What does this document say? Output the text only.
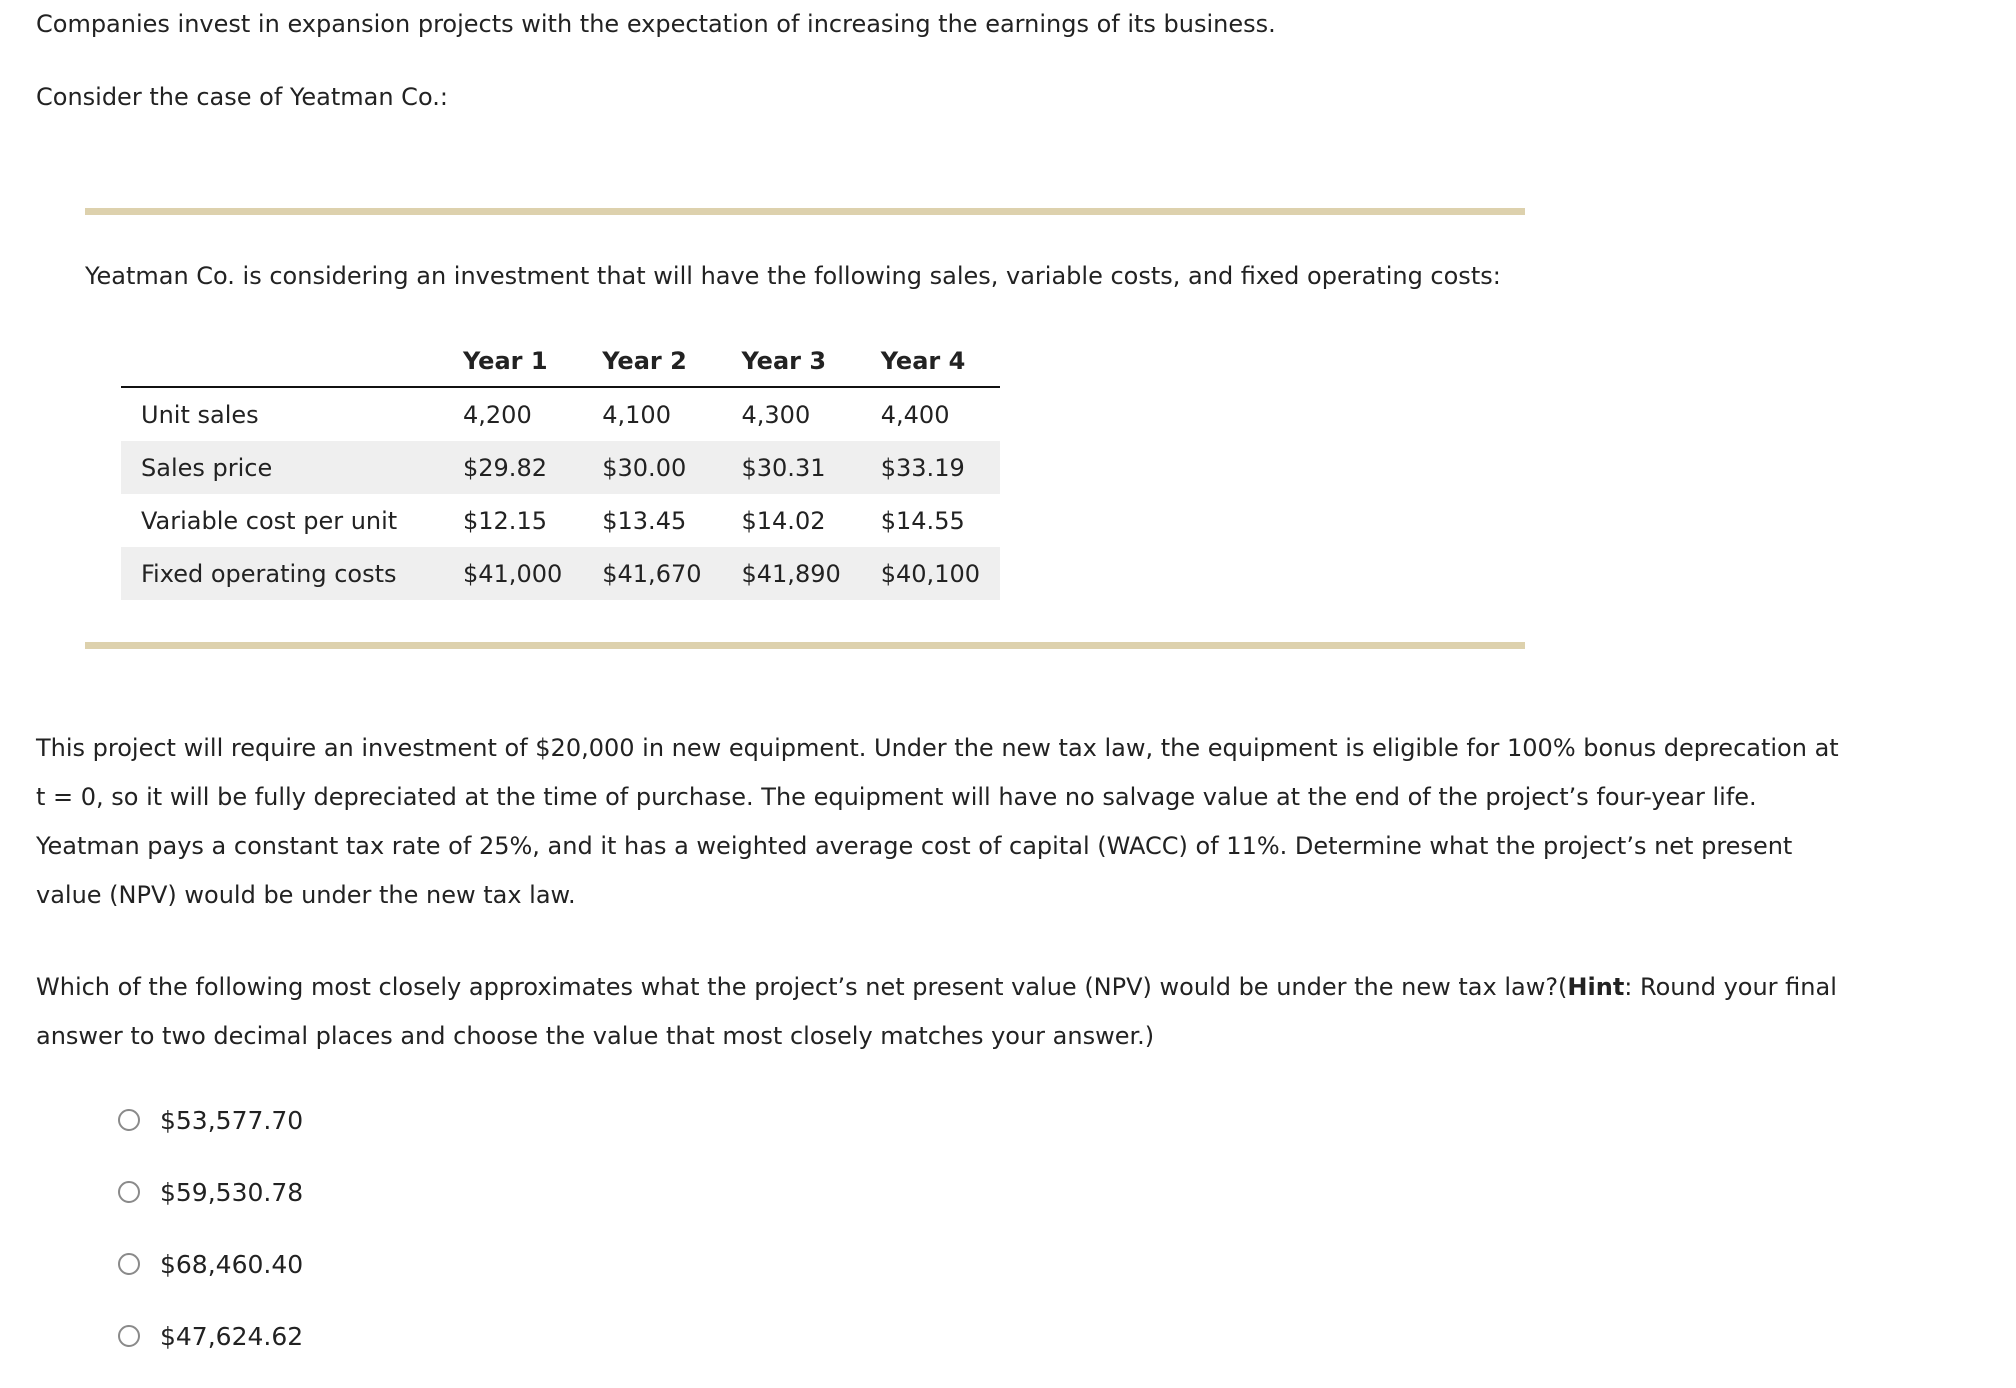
Companies invest in expansion projects with the expectation of increasing the earnings of its business.
Consider the case of Yeatman Co.:
Yeatman Co. is considering an investment that will have the following sales, variable costs, and fixed operating costs:
	Year 1	Year 2	Year 3	Year 4
Unit sales	4,200	4,100	4,300	4,400
Sales price	$29.82	$30.00	$30.31	$33.19
Variable cost per unit	$12.15	$13.45	$14.02	$14.55
Fixed operating costs	$41,000	$41,670	$41,890	$40,100
This project will require an investment of $20,000 in new equipment. Under the new tax law, the equipment is eligible for 100% bonus deprecation at
t = 0, so it will be fully depreciated at the time of purchase. The equipment will have no salvage value at the end of the project’s four-year life.
Yeatman pays a constant tax rate of 25%, and it has a weighted average cost of capital (WACC) of 11%. Determine what the project’s net present
value (NPV) would be under the new tax law.
Which of the following most closely approximates what the project’s net present value (NPV) would be under the new tax law?(Hint: Round your final
answer to two decimal places and choose the value that most closely matches your answer.)
$53,577.70
$59,530.78
$68,460.40
$47,624.62
